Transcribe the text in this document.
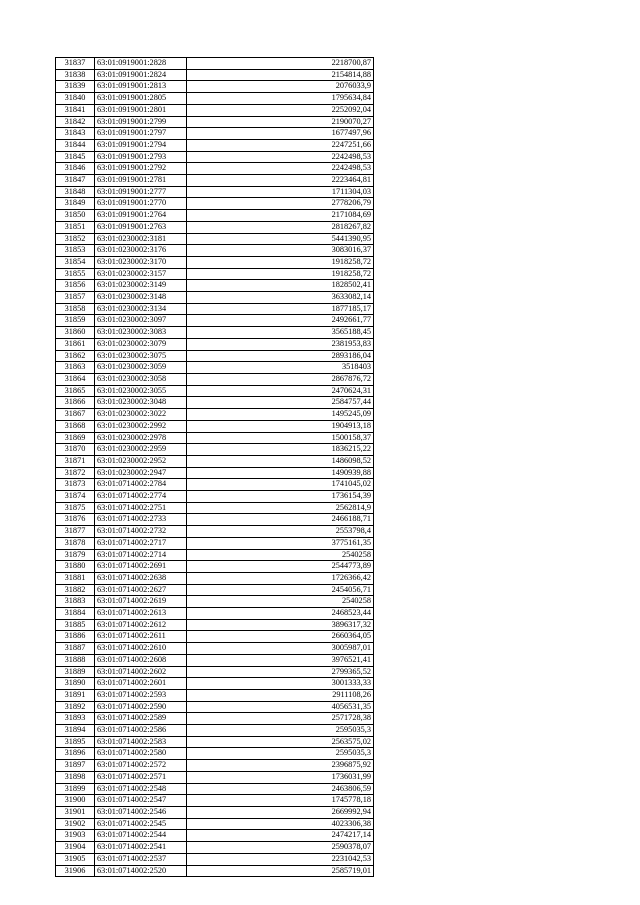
31837	63:01:0919001:2828	2218700,87
31838	63:01:0919001:2824	2154814,88
31839	63:01:0919001:2813	2076033,9
31840	63:01:0919001:2805	1795634,84
31841	63:01:0919001:2801	2252092,04
31842	63:01:0919001:2799	2190070,27
31843	63:01:0919001:2797	1677497,96
31844	63:01:0919001:2794	2247251,66
31845	63:01:0919001:2793	2242498,53
31846	63:01:0919001:2792	2242498,53
31847	63:01:0919001:2781	2223464,81
31848	63:01:0919001:2777	1711304,03
31849	63:01:0919001:2770	2778206,79
31850	63:01:0919001:2764	2171084,69
31851	63:01:0919001:2763	2818267,82
31852	63:01:0230002:3181	5441390,95
31853	63:01:0230002:3176	3083016,37
31854	63:01:0230002:3170	1918258,72
31855	63:01:0230002:3157	1918258,72
31856	63:01:0230002:3149	1828502,41
31857	63:01:0230002:3148	3633082,14
31858	63:01:0230002:3134	1877185,17
31859	63:01:0230002:3097	2492661,77
31860	63:01:0230002:3083	3565188,45
31861	63:01:0230002:3079	2381953,83
31862	63:01:0230002:3075	2893186,04
31863	63:01:0230002:3059	3518403
31864	63:01:0230002:3058	2867876,72
31865	63:01:0230002:3055	2470624,31
31866	63:01:0230002:3048	2584757,44
31867	63:01:0230002:3022	1495245,09
31868	63:01:0230002:2992	1904913,18
31869	63:01:0230002:2978	1500158,37
31870	63:01:0230002:2959	1836215,22
31871	63:01:0230002:2952	1486098,52
31872	63:01:0230002:2947	1490939,88
31873	63:01:0714002:2784	1741045,02
31874	63:01:0714002:2774	1736154,39
31875	63:01:0714002:2751	2562814,9
31876	63:01:0714002:2733	2466188,71
31877	63:01:0714002:2732	2553798,4
31878	63:01:0714002:2717	3775161,35
31879	63:01:0714002:2714	2540258
31880	63:01:0714002:2691	2544773,89
31881	63:01:0714002:2638	1726366,42
31882	63:01:0714002:2627	2454056,71
31883	63:01:0714002:2619	2540258
31884	63:01:0714002:2613	2468523,44
31885	63:01:0714002:2612	3896317,32
31886	63:01:0714002:2611	2660364,05
31887	63:01:0714002:2610	3005987,01
31888	63:01:0714002:2608	3976521,41
31889	63:01:0714002:2602	2799365,52
31890	63:01:0714002:2601	3001333,33
31891	63:01:0714002:2593	2911108,26
31892	63:01:0714002:2590	4056531,35
31893	63:01:0714002:2589	2571728,38
31894	63:01:0714002:2586	2595035,3
31895	63:01:0714002:2583	2563575,02
31896	63:01:0714002:2580	2595035,3
31897	63:01:0714002:2572	2396875,92
31898	63:01:0714002:2571	1736031,99
31899	63:01:0714002:2548	2463806,59
31900	63:01:0714002:2547	1745778,18
31901	63:01:0714002:2546	2669992,94
31902	63:01:0714002:2545	4023306,38
31903	63:01:0714002:2544	2474217,14
31904	63:01:0714002:2541	2590378,07
31905	63:01:0714002:2537	2231042,53
31906	63:01:0714002:2520	2585719,01
